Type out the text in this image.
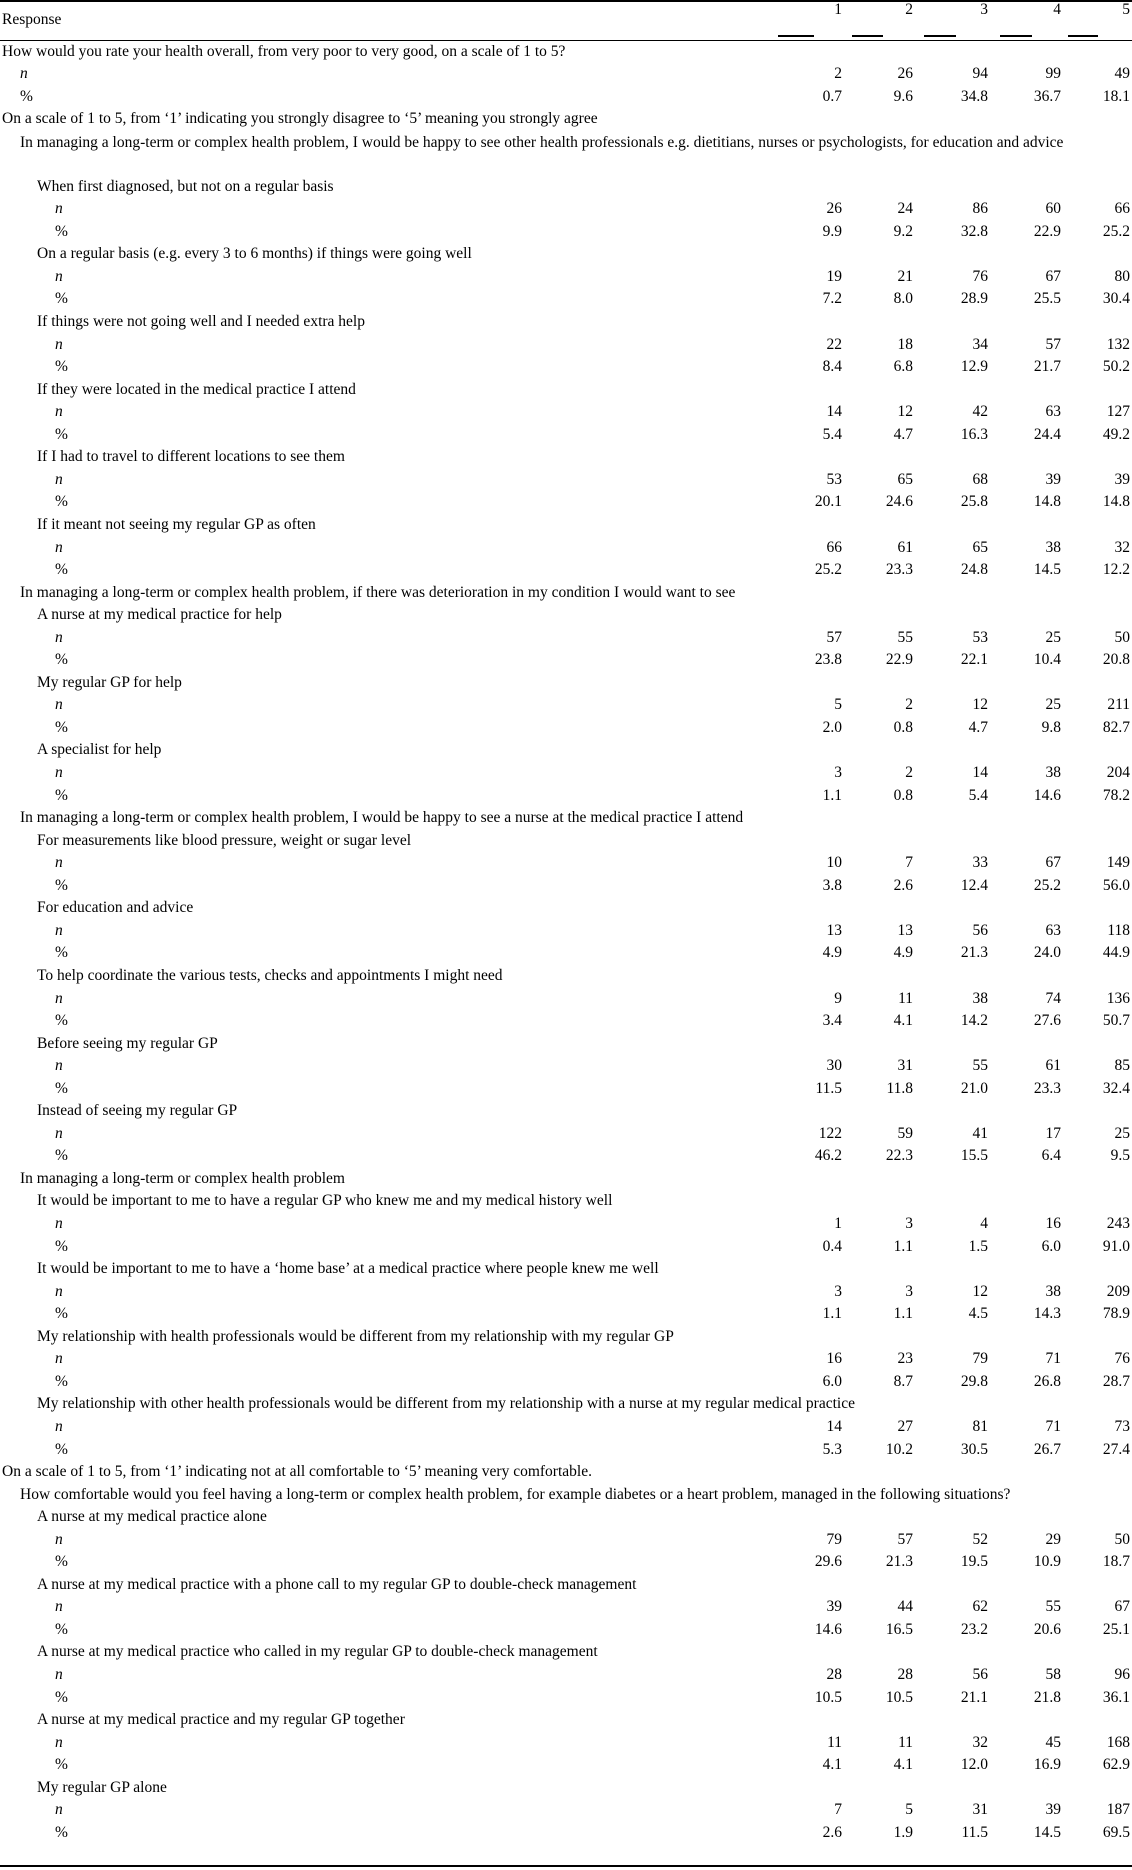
Response
1	2	3	4	5
How would you rate your health overall, from very poor to very good, on a scale of 1 to 5?
n	2	26	94	99	49
%	0.7	9.6	34.8	36.7	18.1
On a scale of 1 to 5, from ‘1’ indicating you strongly disagree to ‘5’ meaning you strongly agree
In managing a long-term or complex health problem, I would be happy to see other health professionals e.g. dietitians, nurses or psychologists, for education and advice
When first diagnosed, but not on a regular basis
n	26	24	86	60	66
%	9.9	9.2	32.8	22.9	25.2
On a regular basis (e.g. every 3 to 6 months) if things were going well
n	19	21	76	67	80
%	7.2	8.0	28.9	25.5	30.4
If things were not going well and I needed extra help
n	22	18	34	57	132
%	8.4	6.8	12.9	21.7	50.2
If they were located in the medical practice I attend
n	14	12	42	63	127
%	5.4	4.7	16.3	24.4	49.2
If I had to travel to different locations to see them
n	53	65	68	39	39
%	20.1	24.6	25.8	14.8	14.8
If it meant not seeing my regular GP as often
n	66	61	65	38	32
%	25.2	23.3	24.8	14.5	12.2
In managing a long-term or complex health problem, if there was deterioration in my condition I would want to see
A nurse at my medical practice for help
n	57	55	53	25	50
%	23.8	22.9	22.1	10.4	20.8
My regular GP for help
n	5	2	12	25	211
%	2.0	0.8	4.7	9.8	82.7
A specialist for help
n	3	2	14	38	204
%	1.1	0.8	5.4	14.6	78.2
In managing a long-term or complex health problem, I would be happy to see a nurse at the medical practice I attend
For measurements like blood pressure, weight or sugar level
n	10	7	33	67	149
%	3.8	2.6	12.4	25.2	56.0
For education and advice
n	13	13	56	63	118
%	4.9	4.9	21.3	24.0	44.9
To help coordinate the various tests, checks and appointments I might need
n	9	11	38	74	136
%	3.4	4.1	14.2	27.6	50.7
Before seeing my regular GP
n	30	31	55	61	85
%	11.5	11.8	21.0	23.3	32.4
Instead of seeing my regular GP
n	122	59	41	17	25
%	46.2	22.3	15.5	6.4	9.5
In managing a long-term or complex health problem
It would be important to me to have a regular GP who knew me and my medical history well
n	1	3	4	16	243
%	0.4	1.1	1.5	6.0	91.0
It would be important to me to have a ‘home base’ at a medical practice where people knew me well
n	3	3	12	38	209
%	1.1	1.1	4.5	14.3	78.9
My relationship with health professionals would be different from my relationship with my regular GP
n	16	23	79	71	76
%	6.0	8.7	29.8	26.8	28.7
My relationship with other health professionals would be different from my relationship with a nurse at my regular medical practice
n	14	27	81	71	73
%	5.3	10.2	30.5	26.7	27.4
On a scale of 1 to 5, from ‘1’ indicating not at all comfortable to ‘5’ meaning very comfortable.
How comfortable would you feel having a long-term or complex health problem, for example diabetes or a heart problem, managed in the following situations?
A nurse at my medical practice alone
n	79	57	52	29	50
%	29.6	21.3	19.5	10.9	18.7
A nurse at my medical practice with a phone call to my regular GP to double-check management
n	39	44	62	55	67
%	14.6	16.5	23.2	20.6	25.1
A nurse at my medical practice who called in my regular GP to double-check management
n	28	28	56	58	96
%	10.5	10.5	21.1	21.8	36.1
A nurse at my medical practice and my regular GP together
n	11	11	32	45	168
%	4.1	4.1	12.0	16.9	62.9
My regular GP alone
n	7	5	31	39	187
%	2.6	1.9	11.5	14.5	69.5
